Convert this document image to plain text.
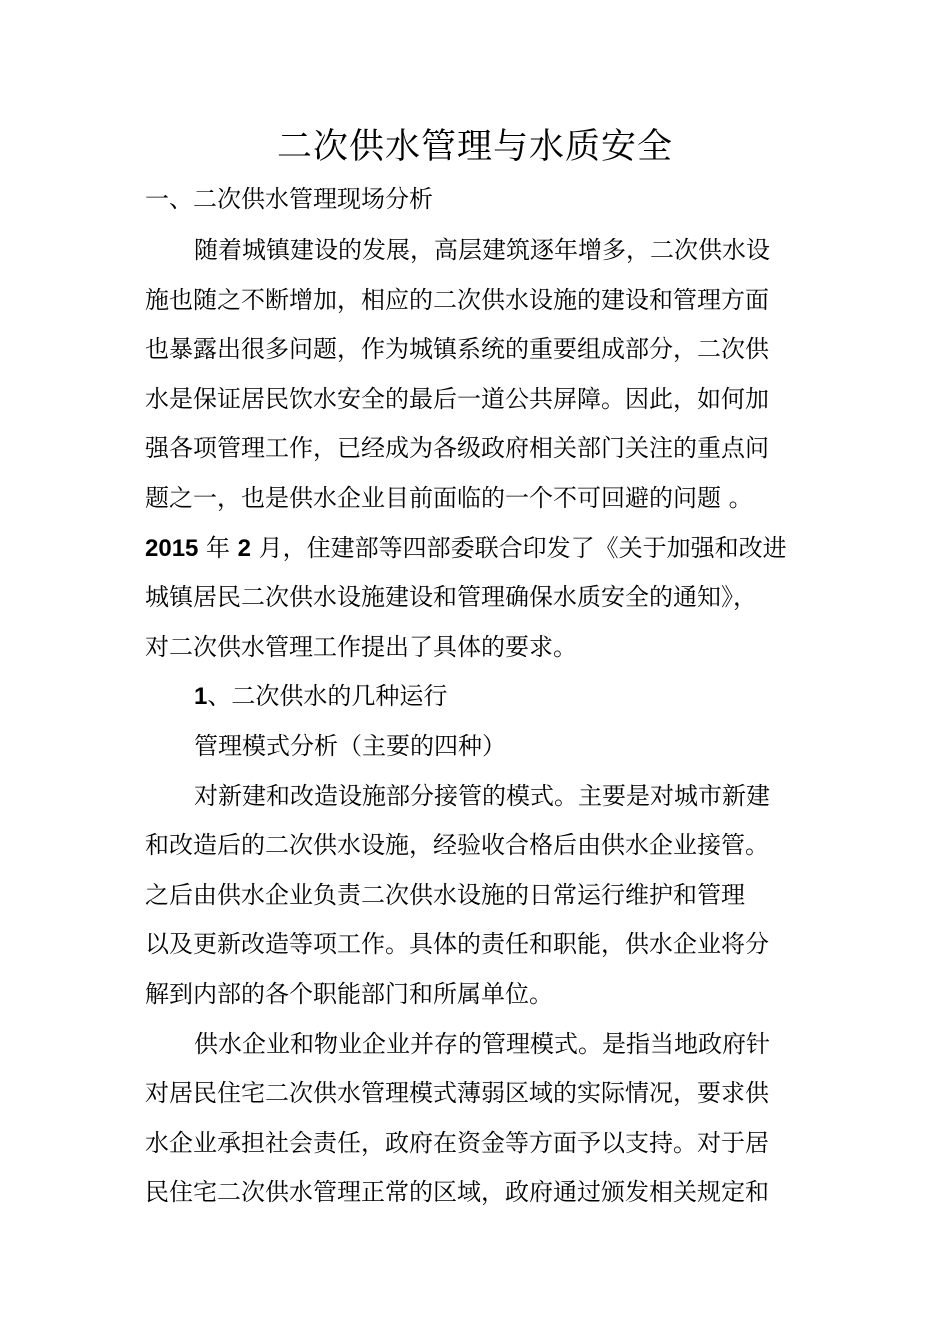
二次供水管理与水质安全
一、二次供水管理现场分析
随着城镇建设的发展，高层建筑逐年增多，二次供水设
施也随之不断增加，相应的二次供水设施的建设和管理方面
也暴露出很多问题，作为城镇系统的重要组成部分，二次供
水是保证居民饮水安全的最后一道公共屏障。因此，如何加
强各项管理工作，已经成为各级政府相关部门关注的重点问
题之一，也是供水企业目前面临的一个不可回避的问题 。
2015 年 2 月，住建部等四部委联合印发了《关于加强和改进
城镇居民二次供水设施建设和管理确保水质安全的通知》，
对二次供水管理工作提出了具体的要求。
1、二次供水的几种运行
管理模式分析（主要的四种）
对新建和改造设施部分接管的模式。主要是对城市新建
和改造后的二次供水设施，经验收合格后由供水企业接管。
之后由供水企业负责二次供水设施的日常运行维护和管理
以及更新改造等项工作。具体的责任和职能，供水企业将分
解到内部的各个职能部门和所属单位。
供水企业和物业企业并存的管理模式。是指当地政府针
对居民住宅二次供水管理模式薄弱区域的实际情况，要求供
水企业承担社会责任，政府在资金等方面予以支持。对于居
民住宅二次供水管理正常的区域，政府通过颁发相关规定和
